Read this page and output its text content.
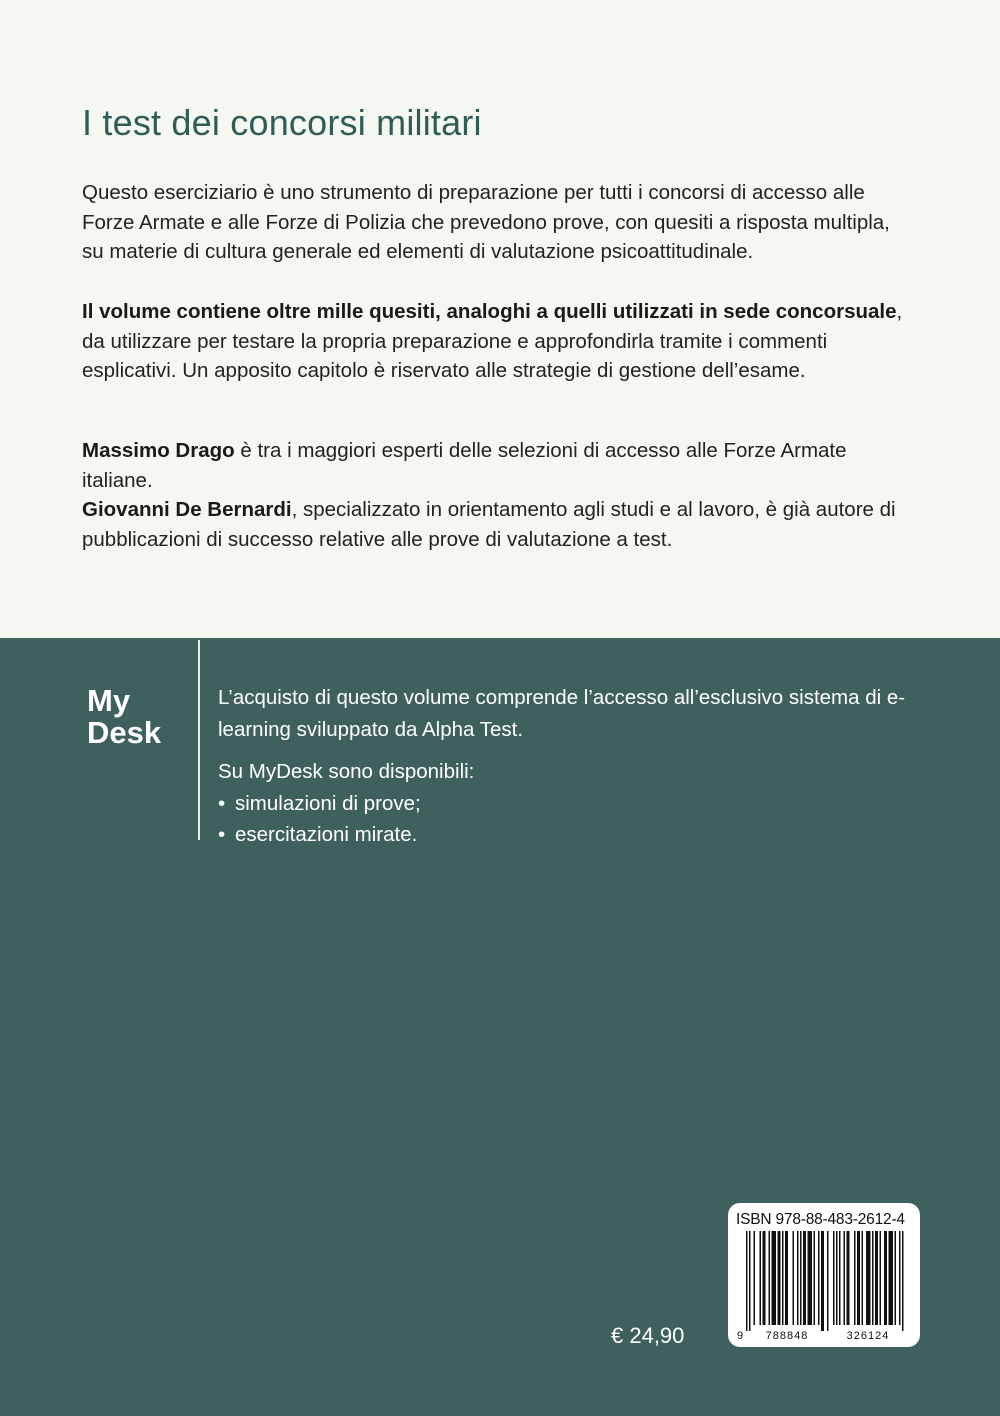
I test dei concorsi militari

Questo eserciziario è uno strumento di preparazione per tutti i concorsi di accesso alle Forze Armate e alle Forze di Polizia che prevedono prove, con quesiti a risposta multipla, su materie di cultura generale ed elementi di valutazione psicoattitudinale.

Il volume contiene oltre mille quesiti, analoghi a quelli utilizzati in sede concorsuale, da utilizzare per testare la propria preparazione e approfondirla tramite i commenti esplicativi. Un apposito capitolo è riservato alle strategie di gestione dell’esame.

Massimo Drago è tra i maggiori esperti delle selezioni di accesso alle Forze Armate italiane.

Giovanni De Bernardi, specializzato in orientamento agli studi e al lavoro, è già autore di pubblicazioni di successo relative alle prove di valutazione a test.

My
Desk

L’acquisto di questo volume comprende l’accesso all’esclusivo sistema di e-learning sviluppato da Alpha Test.

Su MyDesk sono disponibili:

• simulazioni di prove;
• esercitazioni mirate.
€ 24,90
ISBN 978-88-483-2612-4
9 788848	326124
